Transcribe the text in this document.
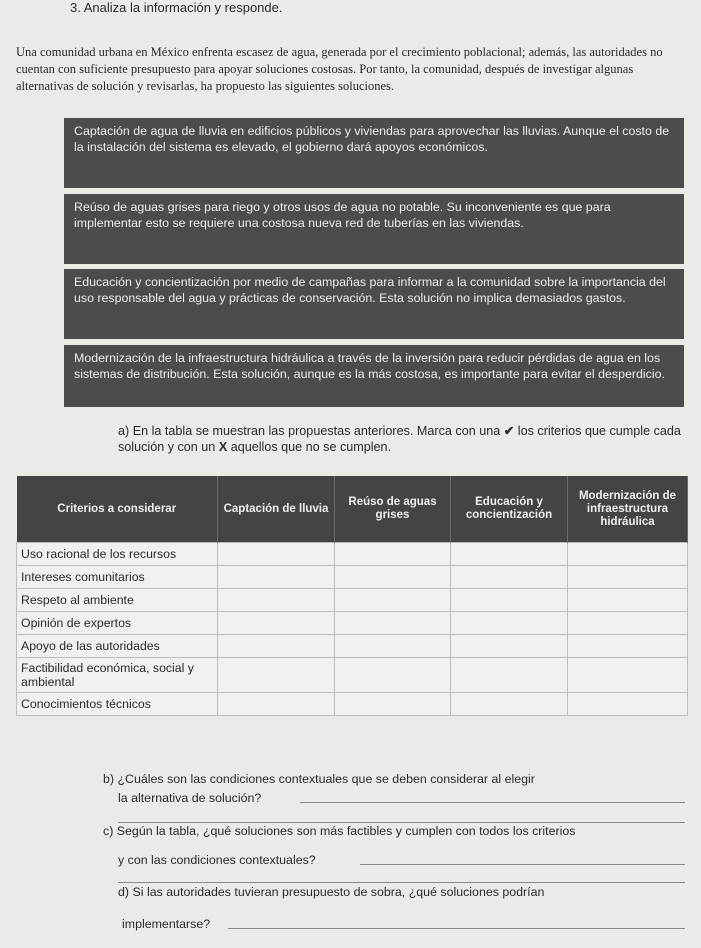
3. Analiza la información y responde.
Una comunidad urbana en México enfrenta escasez de agua, generada por el crecimiento poblacional; además, las autoridades no cuentan con suficiente presupuesto para apoyar soluciones costosas. Por tanto, la comunidad, después de investigar algunas alternativas de solución y revisarlas, ha propuesto las siguientes soluciones.
Captación de agua de lluvia en edificios públicos y viviendas para aprovechar las lluvias. Aunque el costo de la instalación del sistema es elevado, el gobierno dará apoyos económicos.
Reúso de aguas grises para riego y otros usos de agua no potable. Su inconveniente es que para implementar esto se requiere una costosa nueva red de tuberías en las viviendas.
Educación y concientización por medio de campañas para informar a la comunidad sobre la importancia del uso responsable del agua y prácticas de conservación. Esta solución no implica demasiados gastos.
Modernización de la infraestructura hidráulica a través de la inversión para reducir pérdidas de agua en los sistemas de distribución. Esta solución, aunque es la más costosa, es importante para evitar el desperdicio.
a) En la tabla se muestran las propuestas anteriores. Marca con una ✔ los criterios que cumple cada solución y con un X aquellos que no se cumplen.
Criterios a considerar	Captación de lluvia	Reúso de aguas grises	Educación y concientización	Modernización de infraestructura hidráulica
Uso racional de los recursos				
Intereses comunitarios				
Respeto al ambiente				
Opinión de expertos				
Apoyo de las autoridades				
Factibilidad económica, social y ambiental				
Conocimientos técnicos				
b) ¿Cuáles son las condiciones contextuales que se deben considerar al elegir
la alternativa de solución?
c) Según la tabla, ¿qué soluciones son más factibles y cumplen con todos los criterios
y con las condiciones contextuales?
d) Si las autoridades tuvieran presupuesto de sobra, ¿qué soluciones podrían
implementarse?
